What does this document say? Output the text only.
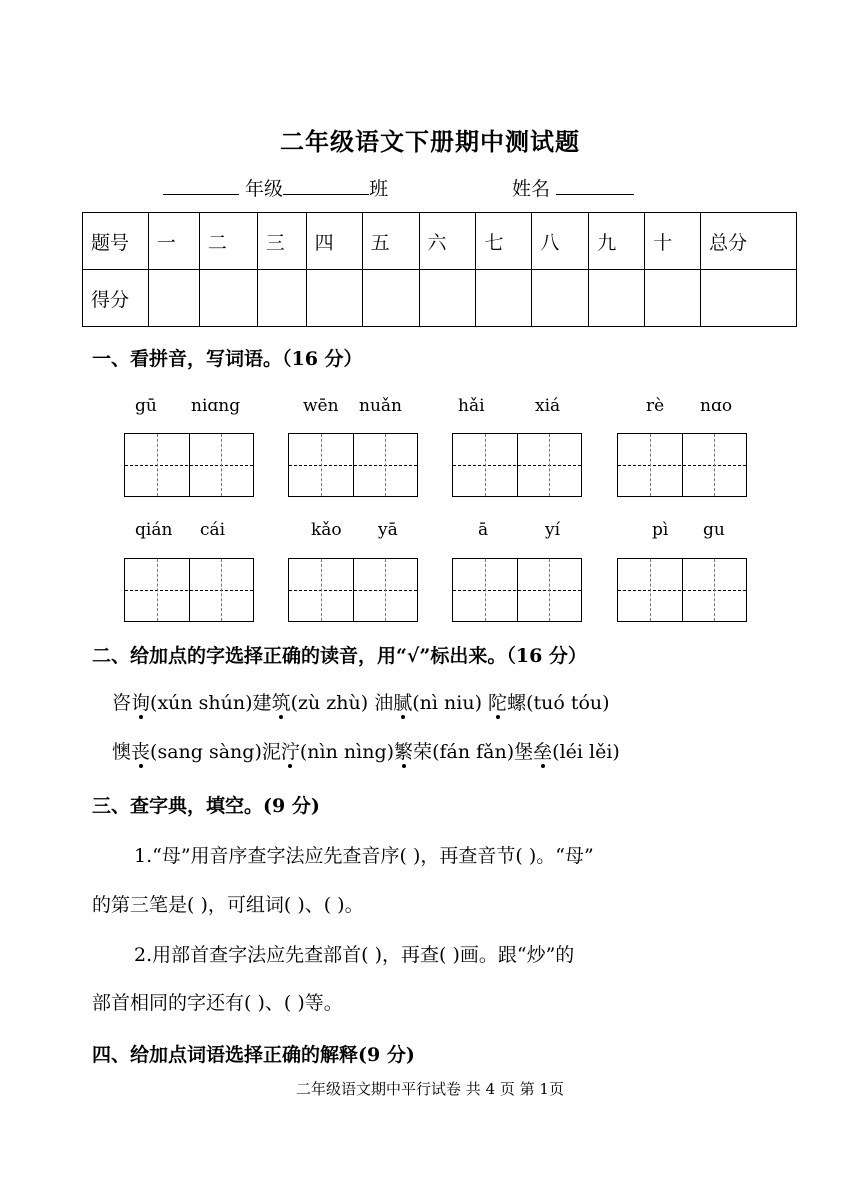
二年级语文下册期中测试题
年级	班	姓名
题号	一	二	三	四	五	六	七	八	九	十	总分
得分											
一、看拼音，写词语。（16 分）
gū niɑng	wēn nuǎn	hǎi	xiá	rè nɑo
qián cái	kǎo yā	ā	yí	pì gu
二、给加点的字选择正确的读音，用“√”标出来。（16 分）
咨询(xún shún)建筑(zù zhù) 油腻(nì niu) 陀螺(tuó tóu)
懊丧(sang sàng)泥泞(nìn nìng)繁荣(fán fǎn)堡垒(léi lěi)
三、查字典，填空。(9 分)
1.“母”用音序查字法应先查音序( )，再查音节( )。“母”
的第三笔是( )，可组词( )、( )。
2.用部首查字法应先查部首( )，再查( )画。跟“炒”的
部首相同的字还有( )、( )等。
四、给加点词语选择正确的解释(9 分)
二年级语文期中平行试卷 共 4 页 第 1页
